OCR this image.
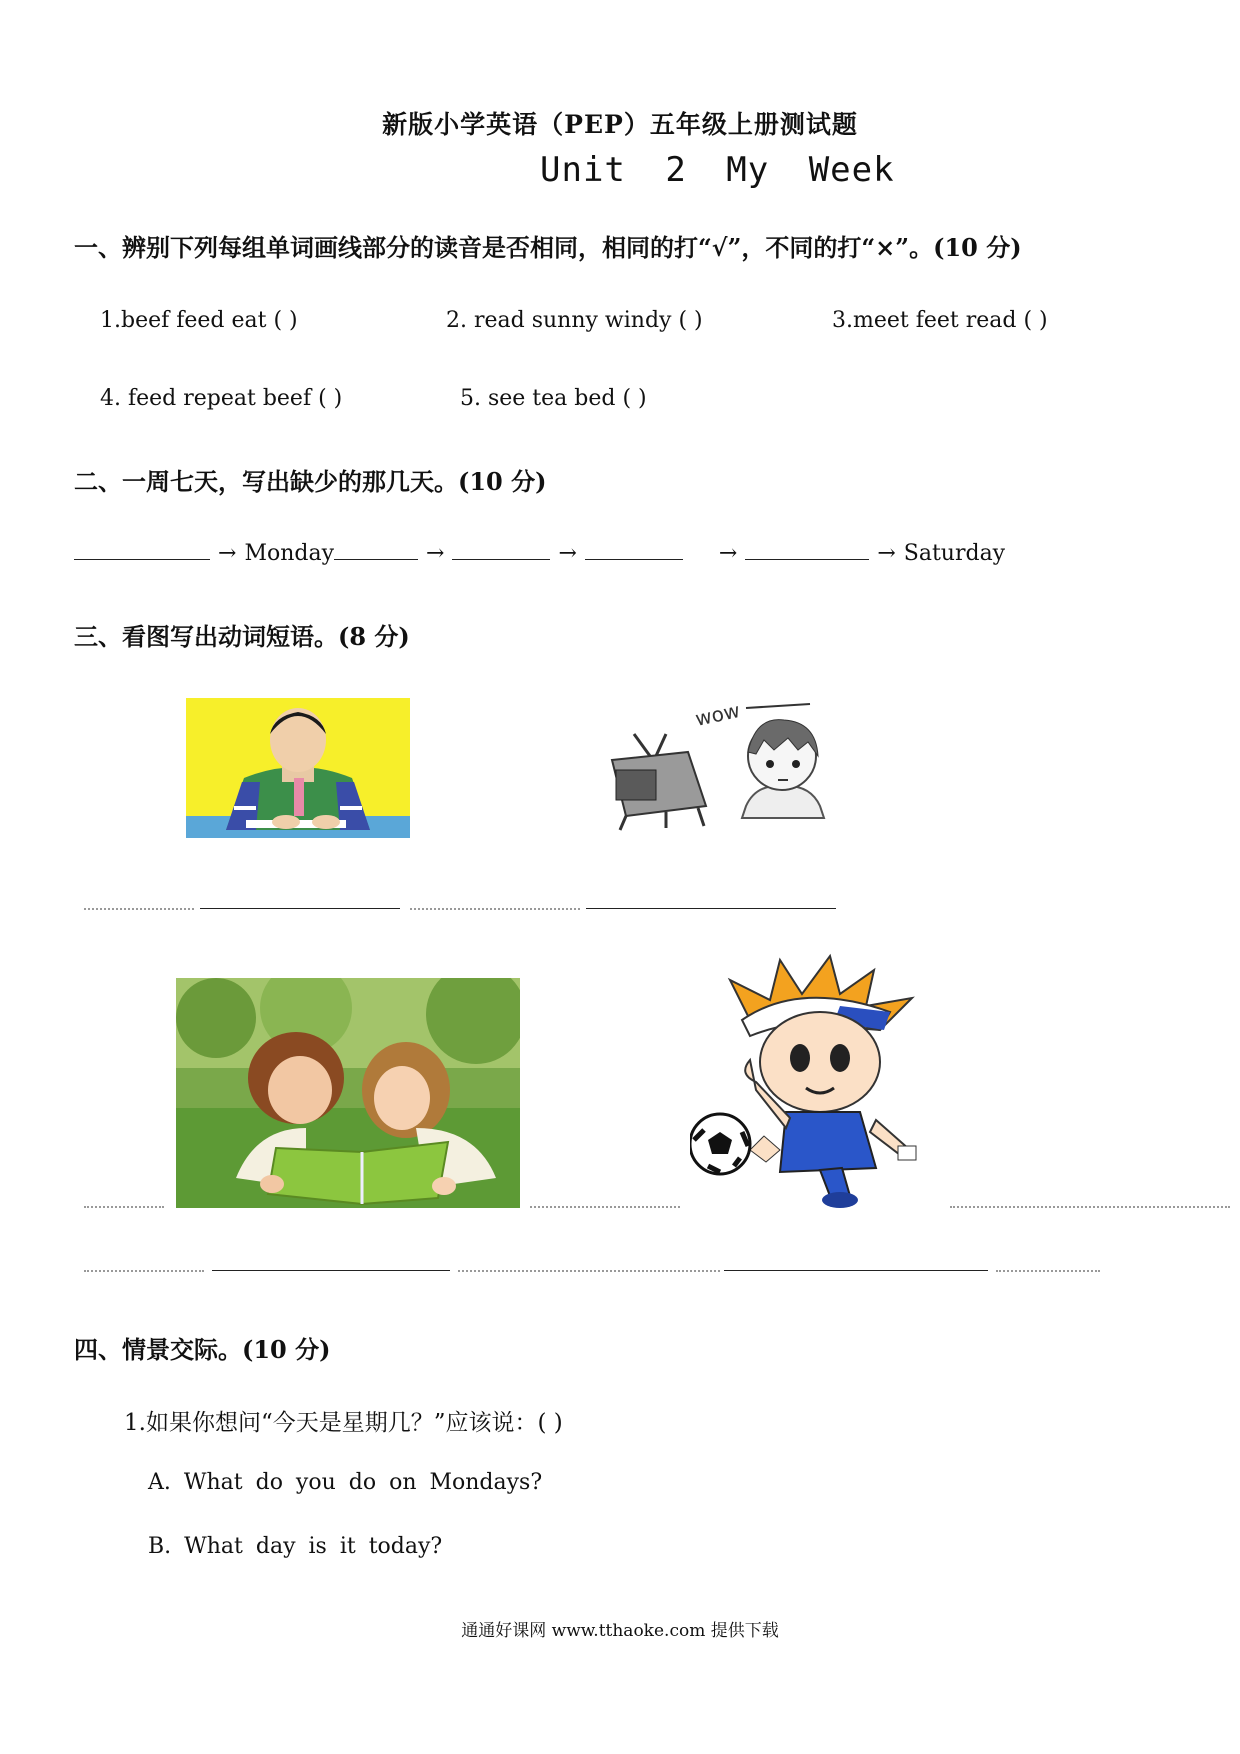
新版小学英语（PEP）五年级上册测试题
Unit 2 My Week
一、辨别下列每组单词画线部分的读音是否相同，相同的打“√”，不同的打“×”。(10 分)
1.beef feed eat ( )	2. read sunny windy ( )	3.meet feet read ( )
4. feed repeat beef ( )	5. see tea bed ( )
二、一周七天，写出缺少的那几天。(10 分)
→ Monday	→	→	→	→ Saturday
三、看图写出动词短语。(8 分)
wow
四、情景交际。(10 分)
1.如果你想问“今天是星期几？”应该说：( )
A. What do you do on Mondays?
B. What day is it today?
通通好课网 www.tthaoke.com 提供下载
